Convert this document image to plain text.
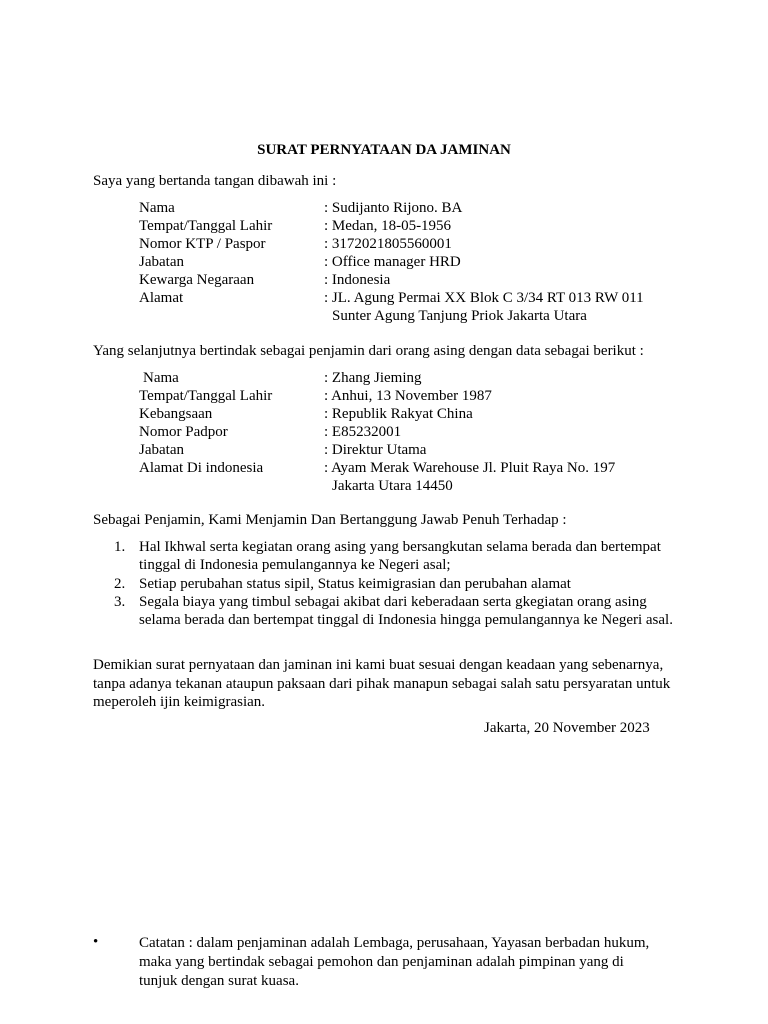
SURAT PERNYATAAN DA JAMINAN
Saya yang bertanda tangan dibawah ini :
Nama	: Sudijanto Rijono. BA
Tempat/Tanggal Lahir	: Medan, 18-05-1956
Nomor KTP / Paspor	: 3172021805560001
Jabatan	: Office manager HRD
Kewarga Negaraan	: Indonesia
Alamat	: JL. Agung Permai XX Blok C 3/34 RT 013 RW 011
Sunter Agung Tanjung Priok Jakarta Utara
Yang selanjutnya bertindak sebagai penjamin dari orang asing dengan data sebagai berikut :
Nama	: Zhang Jieming
Tempat/Tanggal Lahir	: Anhui, 13 November 1987
Kebangsaan	: Republik Rakyat China
Nomor Padpor	: E85232001
Jabatan	: Direktur Utama
Alamat Di indonesia	: Ayam Merak Warehouse Jl. Pluit Raya No. 197
Jakarta Utara 14450
Sebagai Penjamin, Kami Menjamin Dan Bertanggung Jawab Penuh Terhadap :
1. Hal Ikhwal serta kegiatan orang asing yang bersangkutan selama berada dan bertempat tinggal di Indonesia pemulangannya ke Negeri asal;
2. Setiap perubahan status sipil, Status keimigrasian dan perubahan alamat
3. Segala biaya yang timbul sebagai akibat dari keberadaan serta gkegiatan orang asing selama berada dan bertempat tinggal di Indonesia hingga pemulangannya ke Negeri asal.
Demikian surat pernyataan dan jaminan ini kami buat sesuai dengan keadaan yang sebenarnya, tanpa adanya tekanan ataupun paksaan dari pihak manapun sebagai salah satu persyaratan untuk meperoleh ijin keimigrasian.
Jakarta, 20 November 2023
•	Catatan : dalam penjaminan adalah Lembaga, perusahaan, Yayasan berbadan hukum, maka yang bertindak sebagai pemohon dan penjaminan adalah pimpinan yang di tunjuk dengan surat kuasa.
